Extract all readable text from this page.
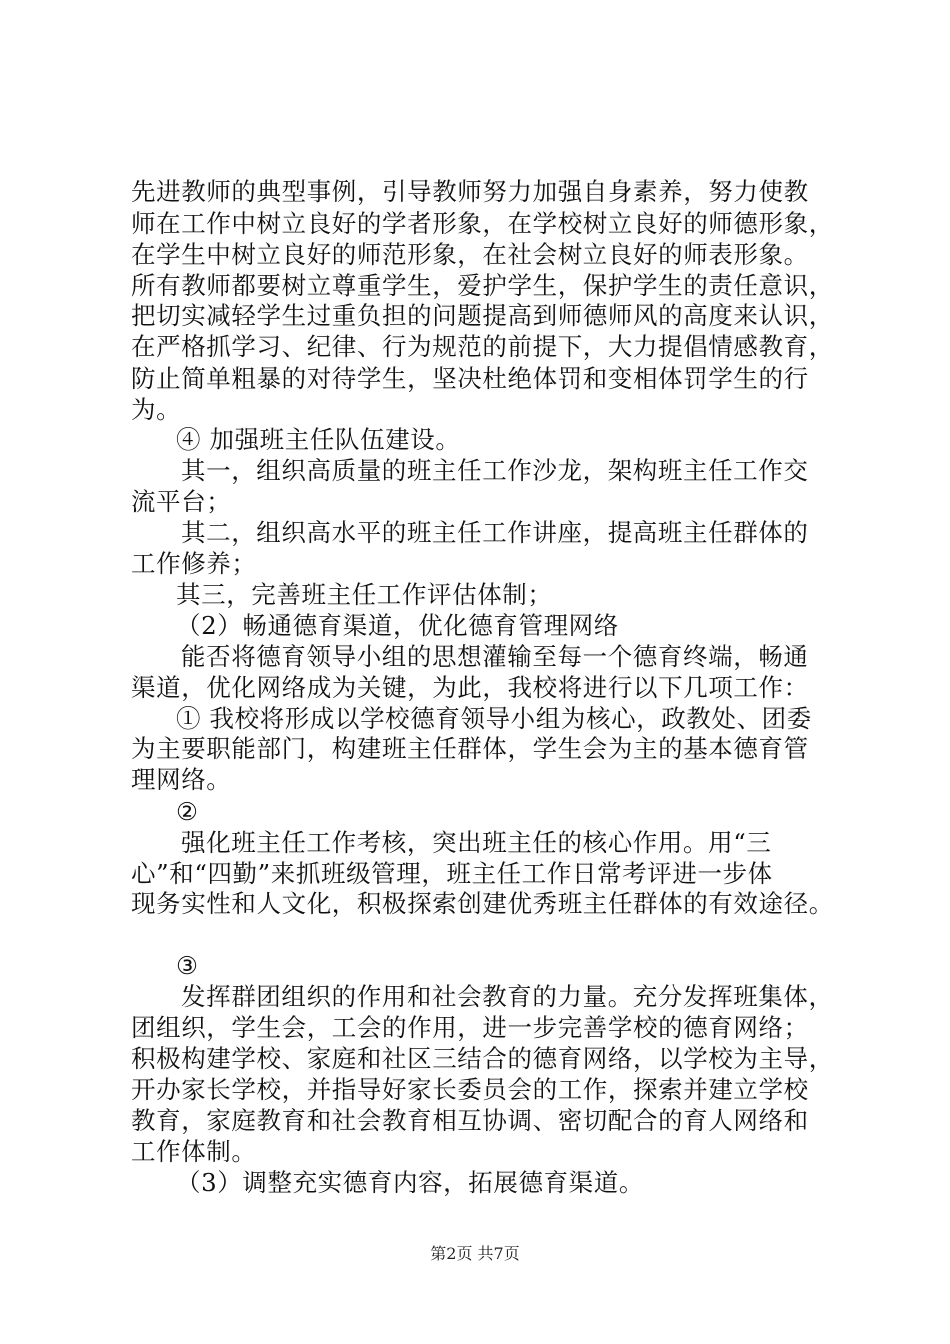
先进教师的典型事例，引导教师努力加强自身素养，努力使教
师在工作中树立良好的学者形象，在学校树立良好的师德形象，
在学生中树立良好的师范形象，在社会树立良好的师表形象。
所有教师都要树立尊重学生，爱护学生，保护学生的责任意识，
把切实减轻学生过重负担的问题提高到师德师风的高度来认识，
在严格抓学习、纪律、行为规范的前提下，大力提倡情感教育，
防止简单粗暴的对待学生，坚决杜绝体罚和变相体罚学生的行
为。
④ 加强班主任队伍建设。
其一，组织高质量的班主任工作沙龙，架构班主任工作交
流平台；
其二，组织高水平的班主任工作讲座，提高班主任群体的
工作修养；
其三，完善班主任工作评估体制；
（2）畅通德育渠道，优化德育管理网络
能否将德育领导小组的思想灌输至每一个德育终端，畅通
渠道，优化网络成为关键，为此，我校将进行以下几项工作：
① 我校将形成以学校德育领导小组为核心，政教处、团委
为主要职能部门，构建班主任群体，学生会为主的基本德育管
理网络。
②
强化班主任工作考核，突出班主任的核心作用。用“三
心”和“四勤”来抓班级管理，班主任工作日常考评进一步体
现务实性和人文化，积极探索创建优秀班主任群体的有效途径。
③
发挥群团组织的作用和社会教育的力量。充分发挥班集体，
团组织，学生会，工会的作用，进一步完善学校的德育网络；
积极构建学校、家庭和社区三结合的德育网络，以学校为主导，
开办家长学校，并指导好家长委员会的工作，探索并建立学校
教育，家庭教育和社会教育相互协调、密切配合的育人网络和
工作体制。
（3）调整充实德育内容，拓展德育渠道。
第2页 共7页
